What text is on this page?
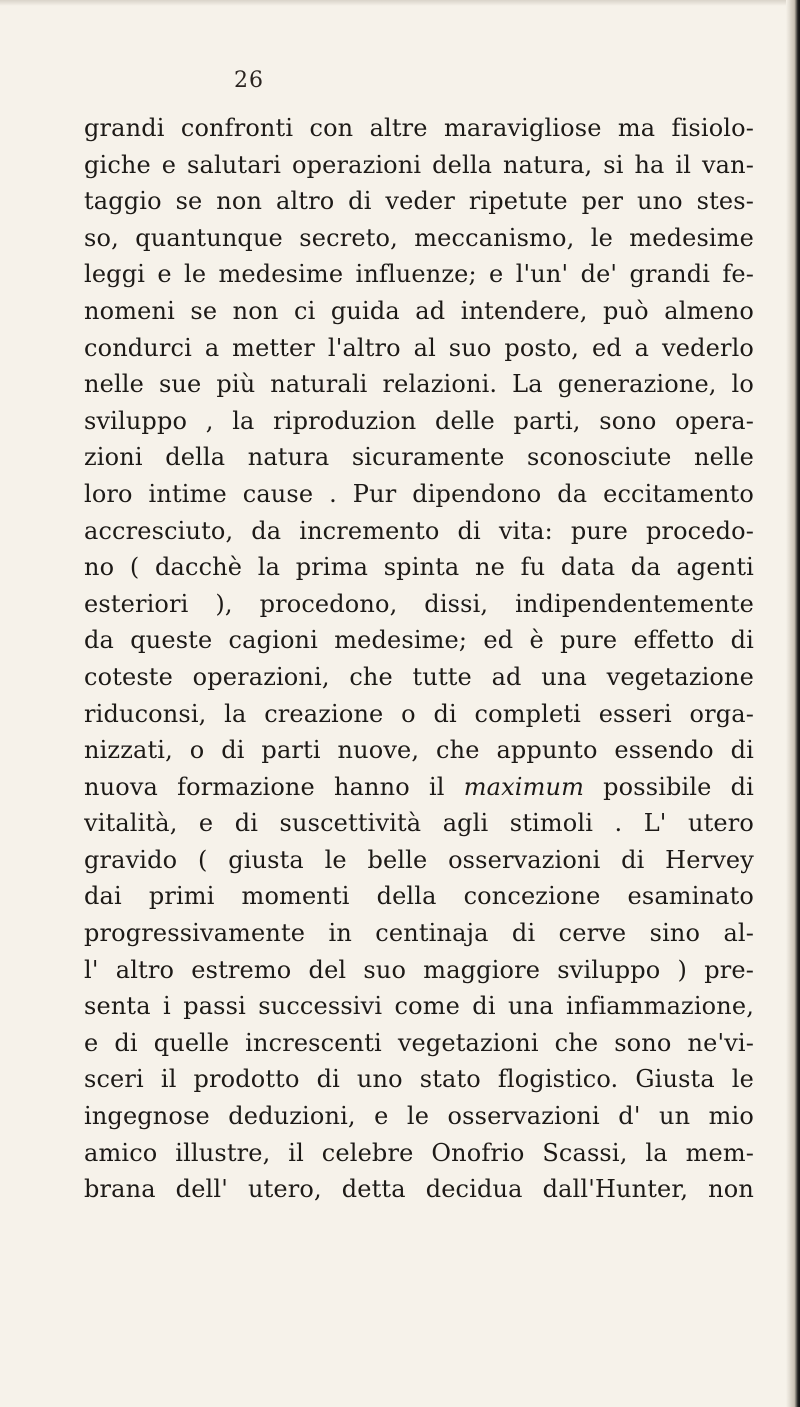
26
grandi confronti con altre maravigliose ma fisiolo-
giche e salutari operazioni della natura, si ha il van-
taggio se non altro di veder ripetute per uno stes-
so, quantunque secreto, meccanismo, le medesime
leggi e le medesime influenze; e l'un' de' grandi fe-
nomeni se non ci guida ad intendere, può almeno
condurci a metter l'altro al suo posto, ed a vederlo
nelle sue più naturali relazioni. La generazione, lo
sviluppo , la riproduzion delle parti, sono opera-
zioni della natura sicuramente sconosciute nelle
loro intime cause . Pur dipendono da eccitamento
accresciuto, da incremento di vita: pure procedo-
no ( dacchè la prima spinta ne fu data da agenti
esteriori ), procedono, dissi, indipendentemente
da queste cagioni medesime; ed è pure effetto di
coteste operazioni, che tutte ad una vegetazione
riduconsi, la creazione o di completi esseri orga-
nizzati, o di parti nuove, che appunto essendo di
nuova formazione hanno il maximum possibile di
vitalità, e di suscettività agli stimoli . L' utero
gravido ( giusta le belle osservazioni di Hervey
dai primi momenti della concezione esaminato
progressivamente in centinaja di cerve sino al-
l' altro estremo del suo maggiore sviluppo ) pre-
senta i passi successivi come di una infiammazione,
e di quelle increscenti vegetazioni che sono ne'vi-
sceri il prodotto di uno stato flogistico. Giusta le
ingegnose deduzioni, e le osservazioni d' un mio
amico illustre, il celebre Onofrio Scassi, la mem-
brana dell' utero, detta decidua dall'Hunter, non
